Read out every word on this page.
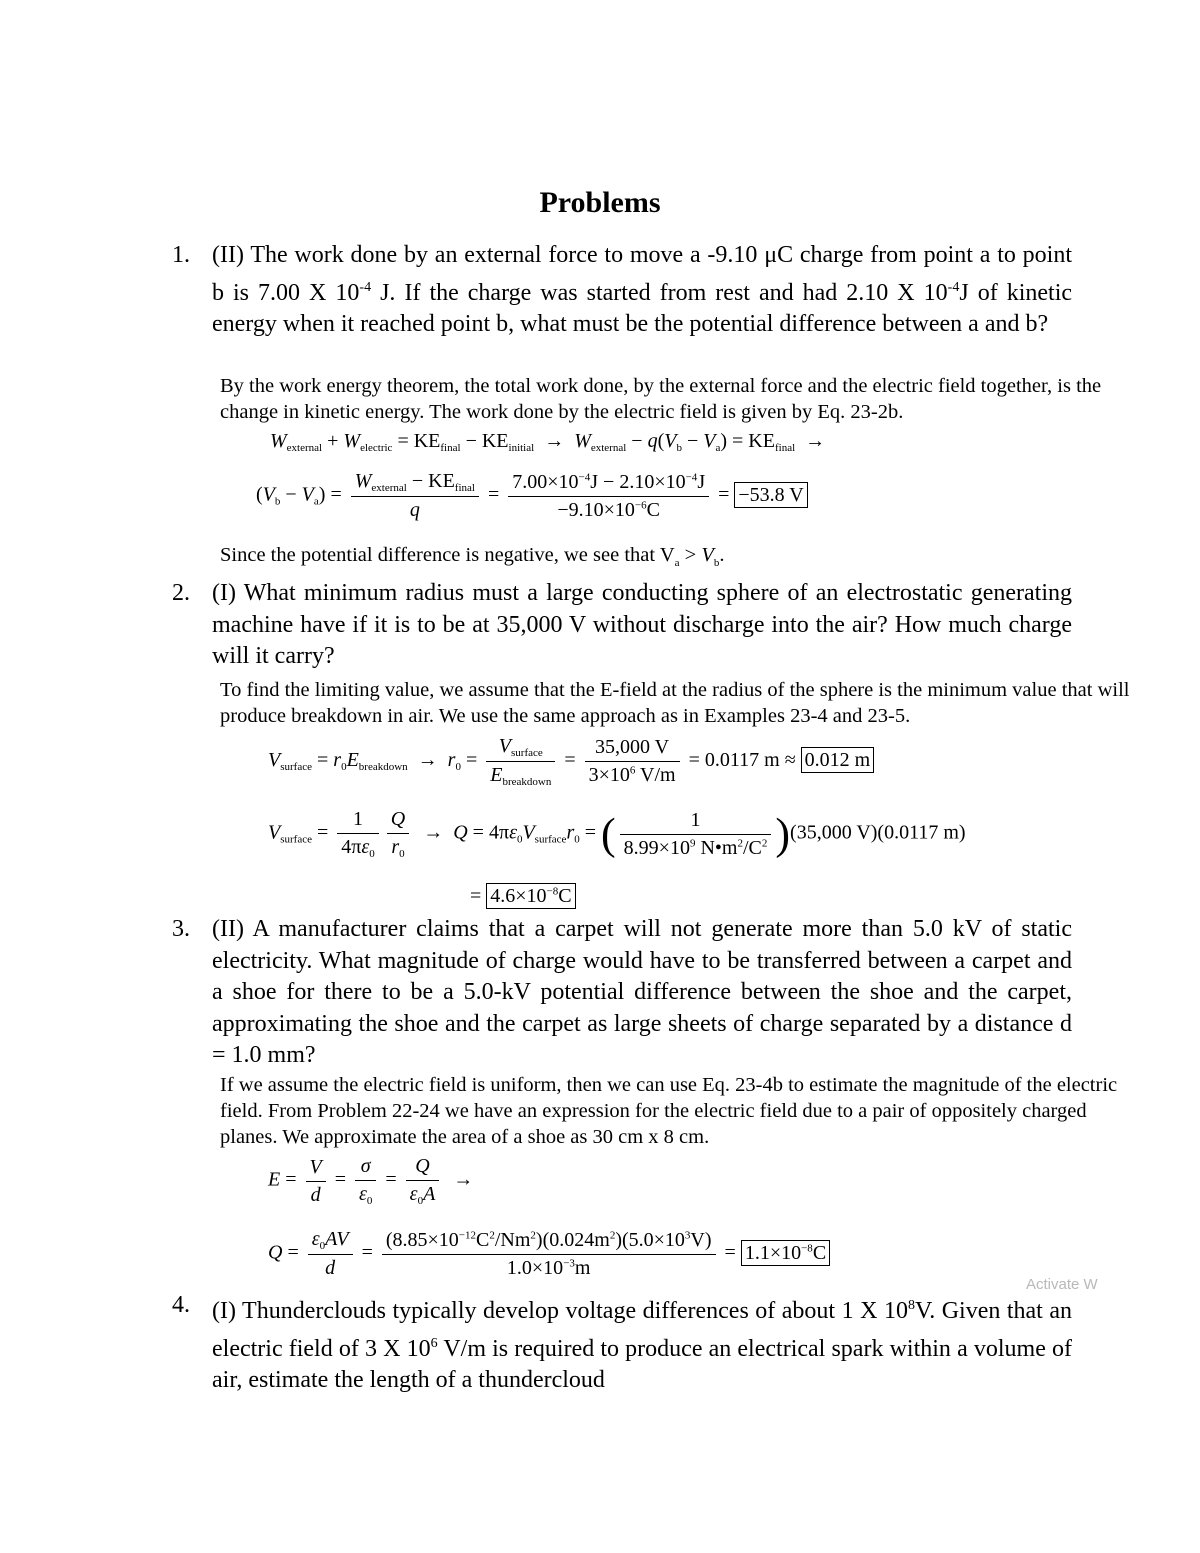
Problems
1. (II) The work done by an external force to move a -9.10 μC charge from point a to point b is 7.00 X $10^{-4}$ J. If the charge was started from rest and had 2.10 X $10^{-4}J$ of kinetic energy when it reached point b, what must be the potential difference between a and b?
By the work energy theorem, the total work done, by the external force and the electric field together, is the change in kinetic energy. The work done by the electric field is given by Eq. 23-2b.
$W_{external} + W_{electric} = KE_{final} - KE_{initial} \to W_{external} - q(V_b - V_a) = KE_{final}$  →
$(V_b - V_a) = \frac{W_{external} - KE_{final}}{q} = \frac{7.00\times 10^{-4}J - 2.10\times 10^{-4}J}{-9.10\times 10^{-6}C} = -53.8$ V
Since the potential difference is negative, we see that $V_a > V_b$.
2. (I) What minimum radius must a large conducting sphere of an electrostatic generating machine have if it is to be at 35,000 V without discharge into the air? How much charge will it carry?
To find the limiting value, we assume that the E-field at the radius of the sphere is the minimum value that will produce breakdown in air. We use the same approach as in Examples 23-4 and 23-5.
$V_{surface} = r_0E_{breakdown} \to r_0 = \frac{V_{surface}}{E_{breakdown}} = \frac{35,000 V}{3\times 10^6 V/m} = 0.0117$ m ≈ 0.012 m
$V_{surface} = \frac{1}{4\pi\varepsilon_0} \frac{Q}{r_0} \to Q = 4\pi\varepsilon_0V_{surface}r_0$ = ( $\frac{1}{8.99\times 10^9 N•m^2/C^2} )(35,000$ V)(0.0117 m)
= $4.6\times 10^{-8}C$
3. (II) A manufacturer claims that a carpet will not generate more than 5.0 kV of static electricity. What magnitude of charge would have to be transferred between a carpet and a shoe for there to be a 5.0-kV potential difference between the shoe and the carpet, approximating the shoe and the carpet as large sheets of charge separated by a distance d = 1.0 mm?
If we assume the electric field is uniform, then we can use Eq. 23-4b to estimate the magnitude of the electric field. From Problem 22-24 we have an expression for the electric field due to a pair of oppositely charged planes. We approximate the area of a shoe as 30 cm x 8 cm.
$E = \frac{V}{d} = \frac{\sigma}{\varepsilon_0} = \frac{Q}{\varepsilon_0A}$ →
$Q = \frac{\varepsilon_0AV}{d} = \frac{(8.85\times 10^{-12}C^2/Nm^2)(0.024m^2)(5.0\times 10^3V)}{1.0\times 10^{-3}m} = 1.1\times 10^{-8}C$
4. (I) Thunderclouds typically develop voltage differences of about 1 X $10^8V$. Given that an electric field of 3 X $10^6$ V/m is required to produce an electrical spark within a volume of air, estimate the length of a thundercloud
Activate W
